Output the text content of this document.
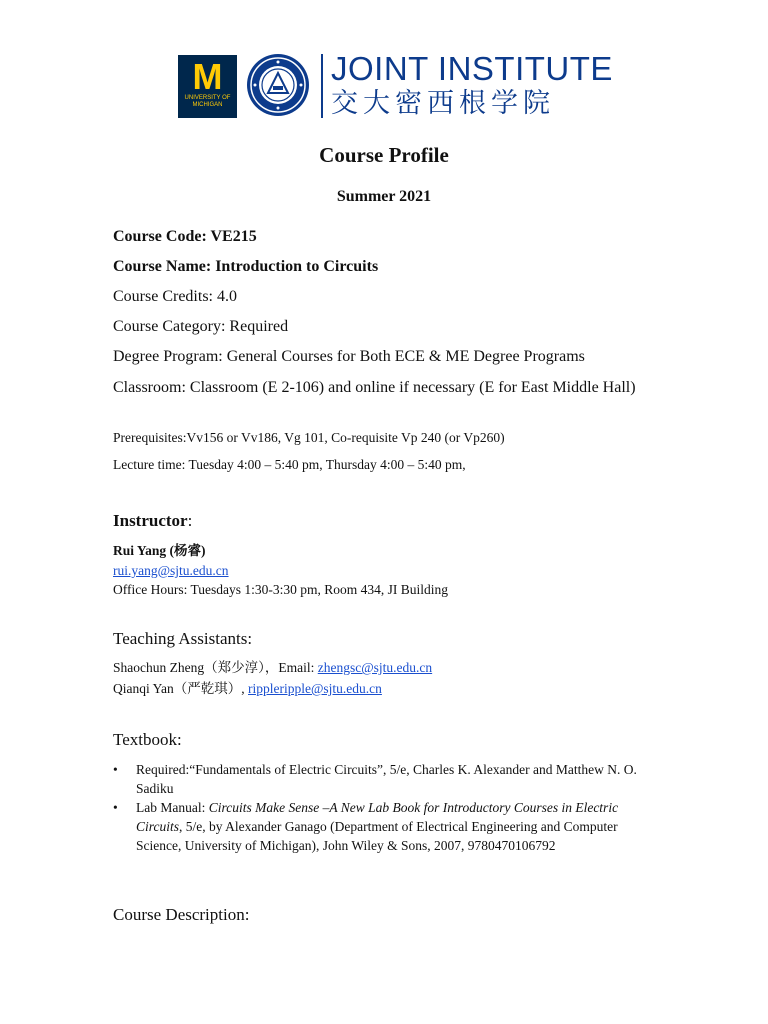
M
UNIVERSITY OF MICHIGAN
JOINT INSTITUTE
交大密西根学院
Course Profile
Summer 2021
Course Code: VE215
Course Name: Introduction to Circuits
Course Credits: 4.0
Course Category: Required
Degree Program: General Courses for Both ECE & ME Degree Programs
Classroom: Classroom (E 2-106) and online if necessary (E for East Middle Hall)
Prerequisites:Vv156 or Vv186, Vg 101, Co-requisite Vp 240 (or Vp260)
Lecture time: Tuesday 4:00 – 5:40 pm, Thursday 4:00 – 5:40 pm,
Instructor:
Rui Yang (杨睿)
rui.yang@sjtu.edu.cn
Office Hours: Tuesdays 1:30-3:30 pm, Room 434, JI Building
Teaching Assistants:
Shaochun Zheng（郑少淳），Email: zhengsc@sjtu.edu.cn
Qianqi Yan（严乾琪）, rippleripple@sjtu.edu.cn
Textbook:
• Required:“Fundamentals of Electric Circuits”, 5/e, Charles K. Alexander and Matthew N. O. Sadiku
• Lab Manual: Circuits Make Sense –A New Lab Book for Introductory Courses in Electric Circuits, 5/e, by Alexander Ganago (Department of Electrical Engineering and Computer Science, University of Michigan), John Wiley & Sons, 2007, 9780470106792
Course Description:
